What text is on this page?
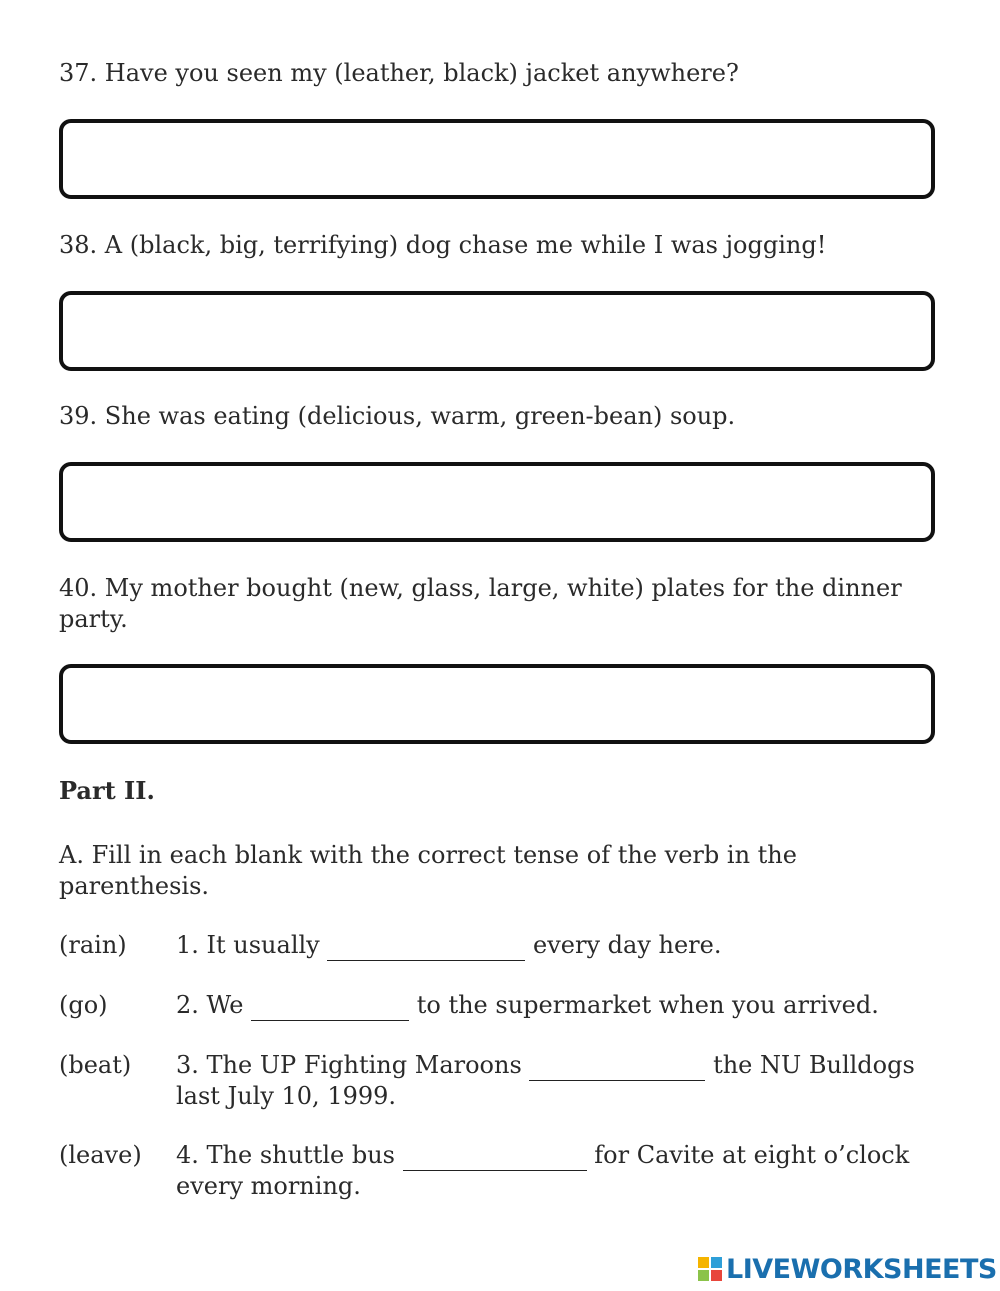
37. Have you seen my (leather, black) jacket anywhere?

38. A (black, big, terrifying) dog chase me while I was jogging!

39. She was eating (delicious, warm, green-bean) soup.

40. My mother bought (new, glass, large, white) plates for the dinner party.

Part II.

A. Fill in each blank with the correct tense of the verb in the parenthesis.

(rain) 1. It usually	every day here.
(go)	2. We	to the supermarket when you arrived.
(beat) 3. The UP Fighting Maroons	the NU Bulldogs last July 10, 1999.
(leave) 4. The shuttle bus	for Cavite at eight o’clock every morning.
LIVEWORKSHEETS
